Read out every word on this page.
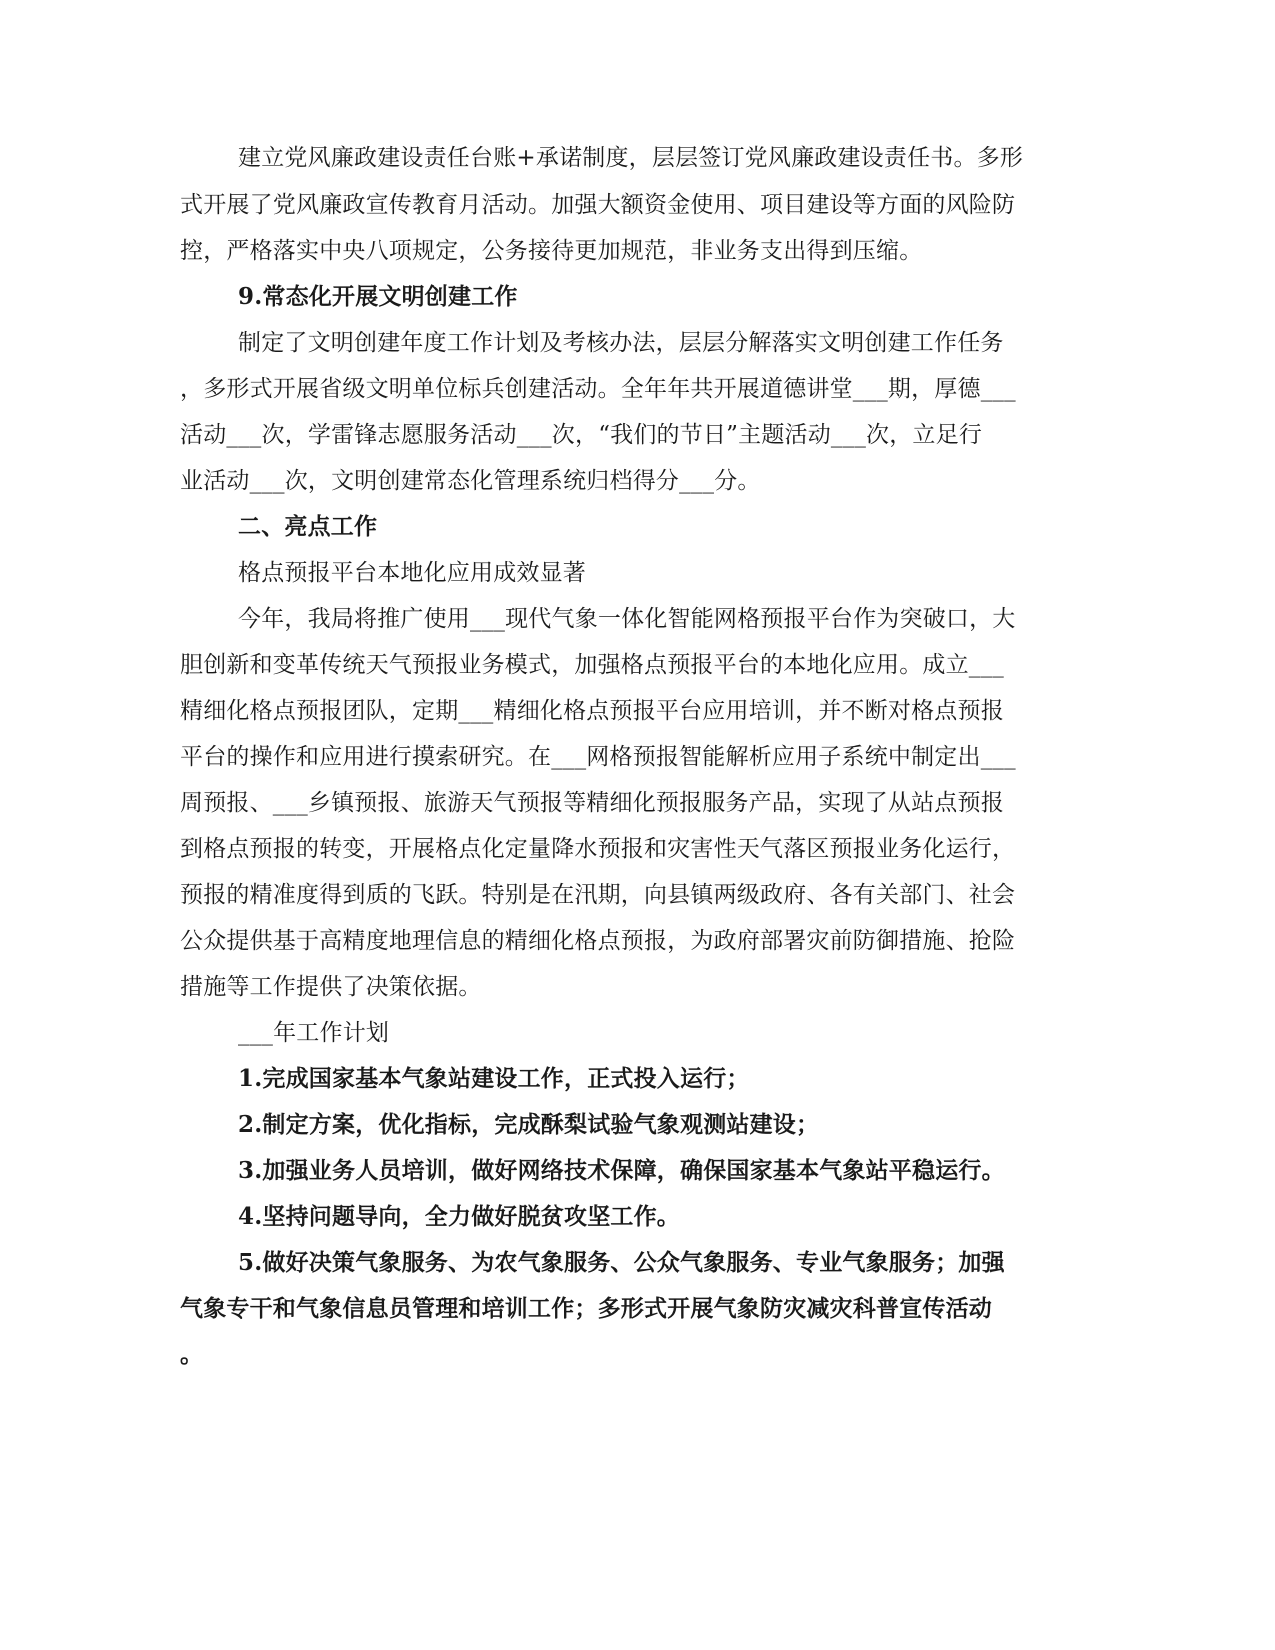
建立党风廉政建设责任台账+承诺制度，层层签订党风廉政建设责任书。多形
式开展了党风廉政宣传教育月活动。加强大额资金使用、项目建设等方面的风险防
控，严格落实中央八项规定，公务接待更加规范，非业务支出得到压缩。
9.常态化开展文明创建工作
制定了文明创建年度工作计划及考核办法，层层分解落实文明创建工作任务
，多形式开展省级文明单位标兵创建活动。全年年共开展道德讲堂___期，厚德___
活动___次，学雷锋志愿服务活动___次，“我们的节日”主题活动___次，立足行
业活动___次，文明创建常态化管理系统归档得分___分。
二、亮点工作
格点预报平台本地化应用成效显著
今年，我局将推广使用___现代气象一体化智能网格预报平台作为突破口，大
胆创新和变革传统天气预报业务模式，加强格点预报平台的本地化应用。成立___
精细化格点预报团队，定期___精细化格点预报平台应用培训，并不断对格点预报
平台的操作和应用进行摸索研究。在___网格预报智能解析应用子系统中制定出___
周预报、___乡镇预报、旅游天气预报等精细化预报服务产品，实现了从站点预报
到格点预报的转变，开展格点化定量降水预报和灾害性天气落区预报业务化运行，
预报的精准度得到质的飞跃。特别是在汛期，向县镇两级政府、各有关部门、社会
公众提供基于高精度地理信息的精细化格点预报，为政府部署灾前防御措施、抢险
措施等工作提供了决策依据。
___年工作计划
1.完成国家基本气象站建设工作，正式投入运行；
2.制定方案，优化指标，完成酥梨试验气象观测站建设；
3.加强业务人员培训，做好网络技术保障，确保国家基本气象站平稳运行。
4.坚持问题导向，全力做好脱贫攻坚工作。
5.做好决策气象服务、为农气象服务、公众气象服务、专业气象服务；加强
气象专干和气象信息员管理和培训工作；多形式开展气象防灾减灾科普宣传活动
。
